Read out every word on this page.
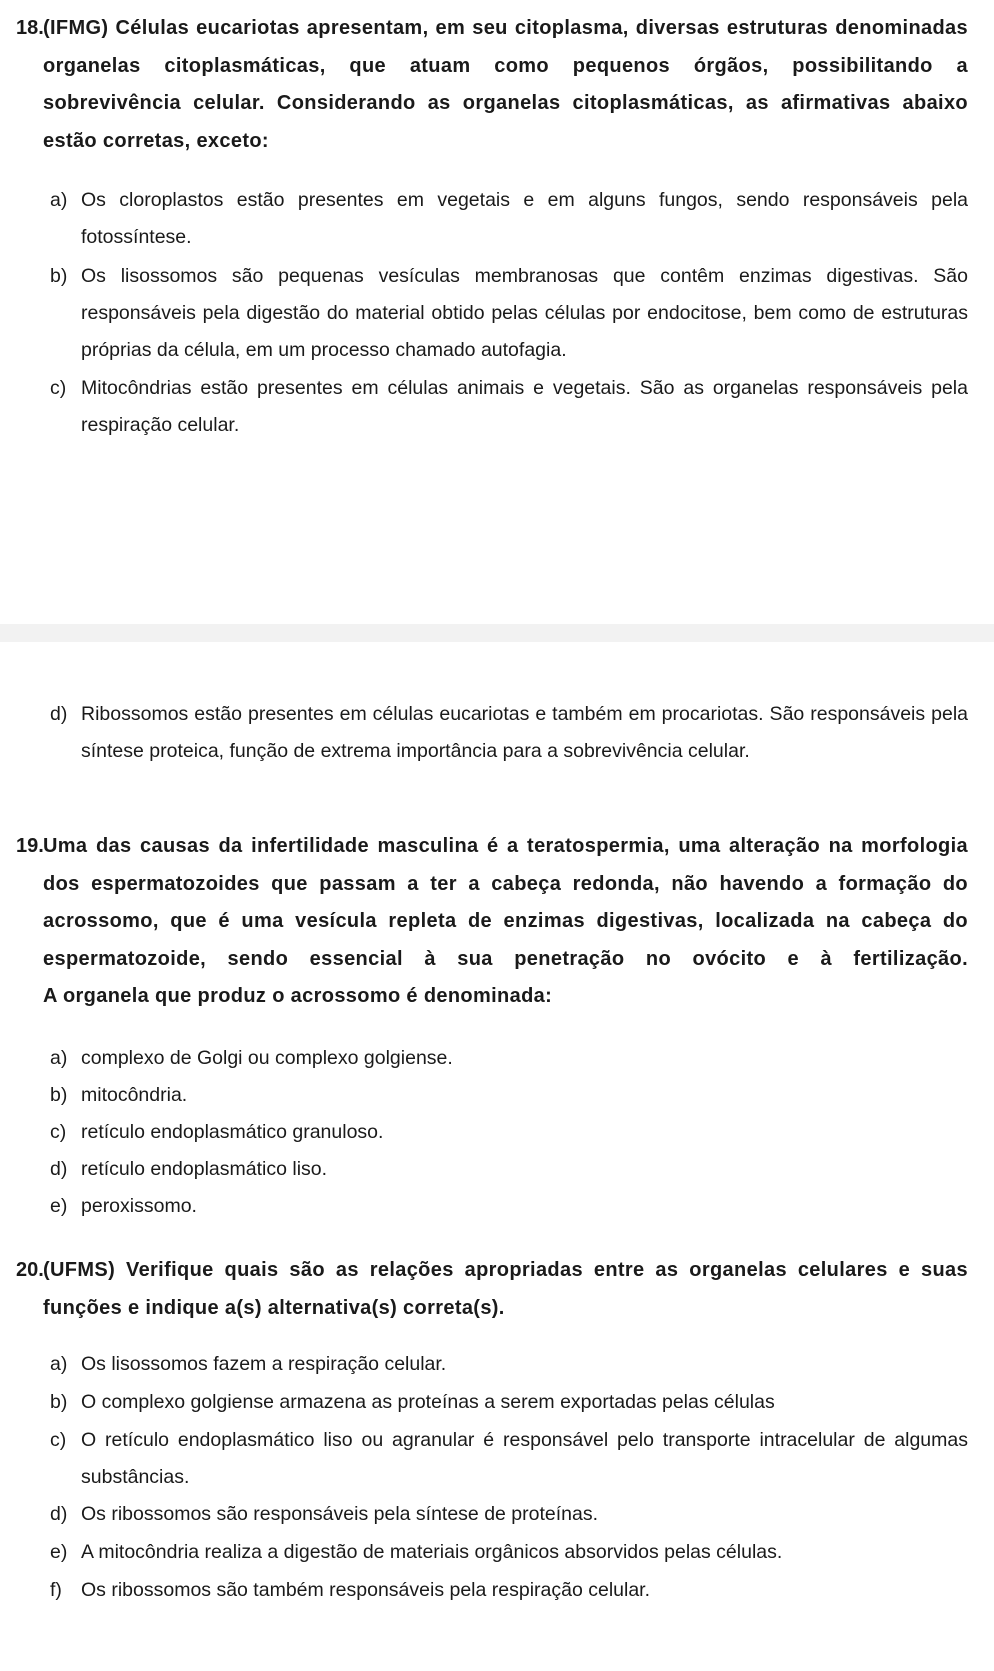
18. (IFMG) Células eucariotas apresentam, em seu citoplasma, diversas estruturas denominadas organelas citoplasmáticas, que atuam como pequenos órgãos, possibilitando a sobrevivência celular. Considerando as organelas citoplasmáticas, as afirmativas abaixo estão corretas, exceto:
a) Os cloroplastos estão presentes em vegetais e em alguns fungos, sendo responsáveis pela fotossíntese.
b) Os lisossomos são pequenas vesículas membranosas que contêm enzimas digestivas. São responsáveis pela digestão do material obtido pelas células por endocitose, bem como de estruturas próprias da célula, em um processo chamado autofagia.
c) Mitocôndrias estão presentes em células animais e vegetais. São as organelas responsáveis pela respiração celular.
d) Ribossomos estão presentes em células eucariotas e também em procariotas. São responsáveis pela síntese proteica, função de extrema importância para a sobrevivência celular.
19. Uma das causas da infertilidade masculina é a teratospermia, uma alteração na morfologia dos espermatozoides que passam a ter a cabeça redonda, não havendo a formação do acrossomo, que é uma vesícula repleta de enzimas digestivas, localizada na cabeça do espermatozoide, sendo essencial à sua penetração no ovócito e à fertilização.
A organela que produz o acrossomo é denominada:
a) complexo de Golgi ou complexo golgiense.
b) mitocôndria.
c) retículo endoplasmático granuloso.
d) retículo endoplasmático liso.
e) peroxissomo.
20. (UFMS) Verifique quais são as relações apropriadas entre as organelas celulares e suas funções e indique a(s) alternativa(s) correta(s).
a) Os lisossomos fazem a respiração celular.
b) O complexo golgiense armazena as proteínas a serem exportadas pelas células
c) O retículo endoplasmático liso ou agranular é responsável pelo transporte intracelular de algumas substâncias.
d) Os ribossomos são responsáveis pela síntese de proteínas.
e) A mitocôndria realiza a digestão de materiais orgânicos absorvidos pelas células.
f) Os ribossomos são também responsáveis pela respiração celular.
